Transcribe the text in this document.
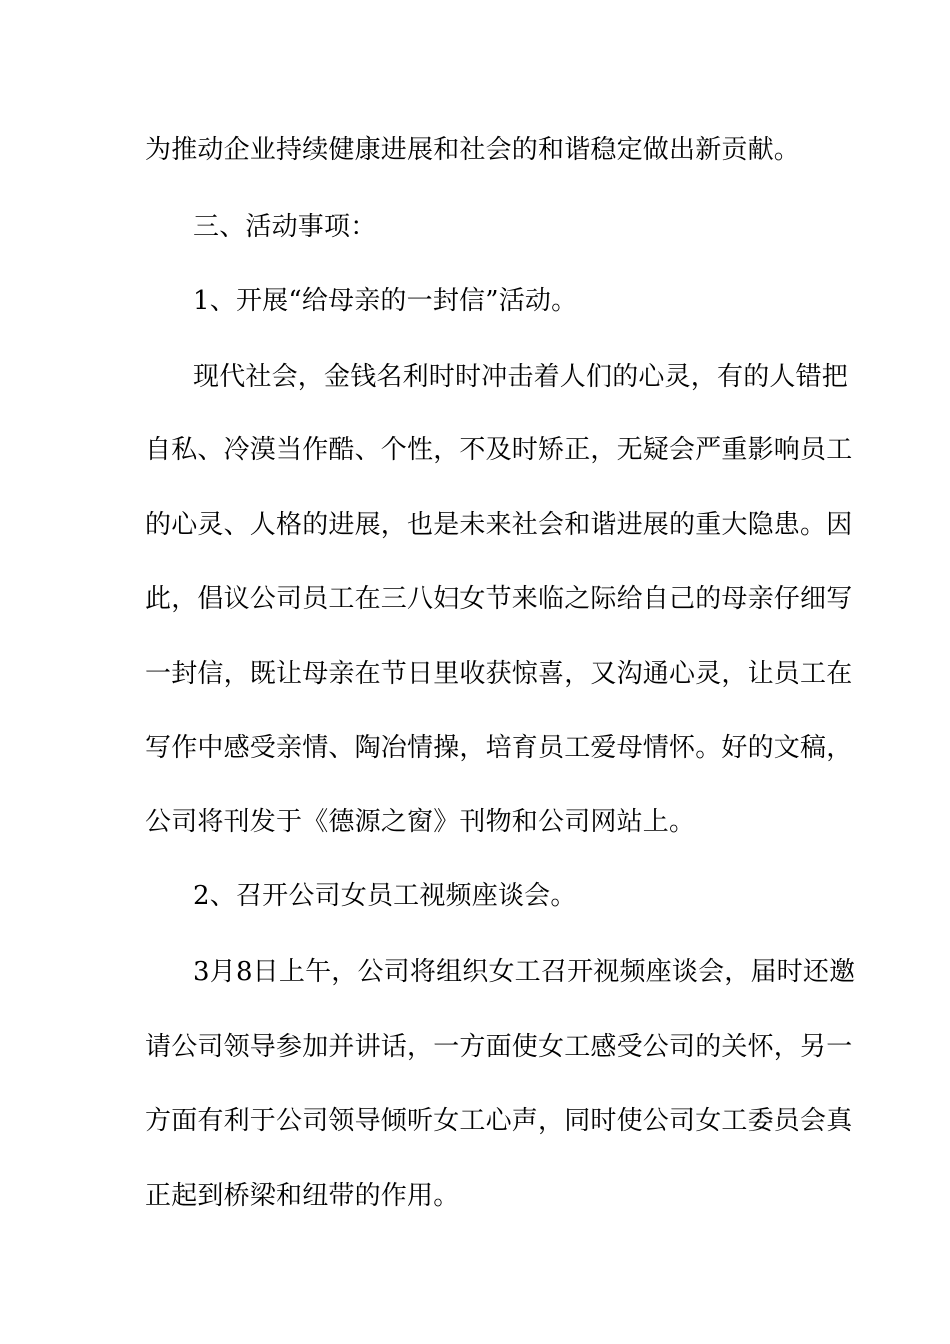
为推动企业持续健康进展和社会的和谐稳定做出新贡献。
三、活动事项：
1、开展“给母亲的一封信”活动。
现代社会，金钱名利时时冲击着人们的心灵，有的人错把
自私、冷漠当作酷、个性，不及时矫正，无疑会严重影响员工
的心灵、人格的进展，也是未来社会和谐进展的重大隐患。因
此，倡议公司员工在三八妇女节来临之际给自己的母亲仔细写
一封信，既让母亲在节日里收获惊喜，又沟通心灵，让员工在
写作中感受亲情、陶冶情操，培育员工爱母情怀。好的文稿，
公司将刊发于《德源之窗》刊物和公司网站上。
2、召开公司女员工视频座谈会。
3月8日上午，公司将组织女工召开视频座谈会，届时还邀
请公司领导参加并讲话，一方面使女工感受公司的关怀，另一
方面有利于公司领导倾听女工心声，同时使公司女工委员会真
正起到桥梁和纽带的作用。
